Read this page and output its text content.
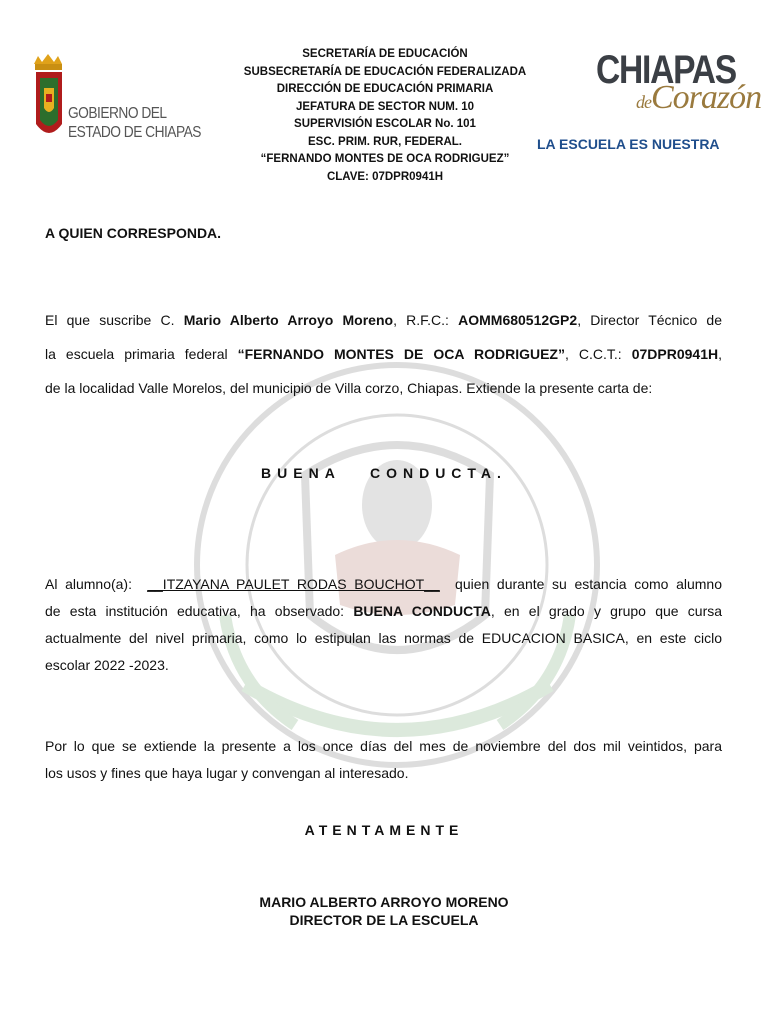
GOBIERNO DEL
ESTADO DE CHIAPAS
SECRETARÍA DE EDUCACIÓN
SUBSECRETARÍA DE EDUCACIÓN FEDERALIZADA
DIRECCIÓN DE EDUCACIÓN PRIMARIA
JEFATURA DE SECTOR NUM. 10
SUPERVISIÓN ESCOLAR No. 101
ESC. PRIM. RUR, FEDERAL.
“FERNANDO MONTES DE OCA RODRIGUEZ”
CLAVE: 07DPR0941H
CHIAPAS
deCorazón
LA ESCUELA ES NUESTRA
A QUIEN CORRESPONDA.
El que suscribe C. Mario Alberto Arroyo Moreno, R.F.C.: AOMM680512GP2, Director Técnico de
la escuela primaria federal “FERNANDO MONTES DE OCA RODRIGUEZ”, C.C.T.: 07DPR0941H,
de la localidad Valle Morelos, del municipio de Villa corzo, Chiapas. Extiende la presente carta de:
BUENA   CONDUCTA.
Al alumno(a):  __ITZAYANA PAULET RODAS BOUCHOT__  quien durante su estancia como alumno
de esta institución educativa, ha observado: BUENA CONDUCTA, en el grado y grupo que cursa
actualmente del nivel primaria, como lo estipulan las normas de EDUCACION BASICA, en este ciclo
escolar 2022 -2023.
Por lo que se extiende la presente a los once días del mes de noviembre del dos mil veintidos, para
los usos y fines que haya lugar y convengan al interesado.
ATENTAMENTE
MARIO ALBERTO ARROYO MORENO
DIRECTOR DE LA ESCUELA
